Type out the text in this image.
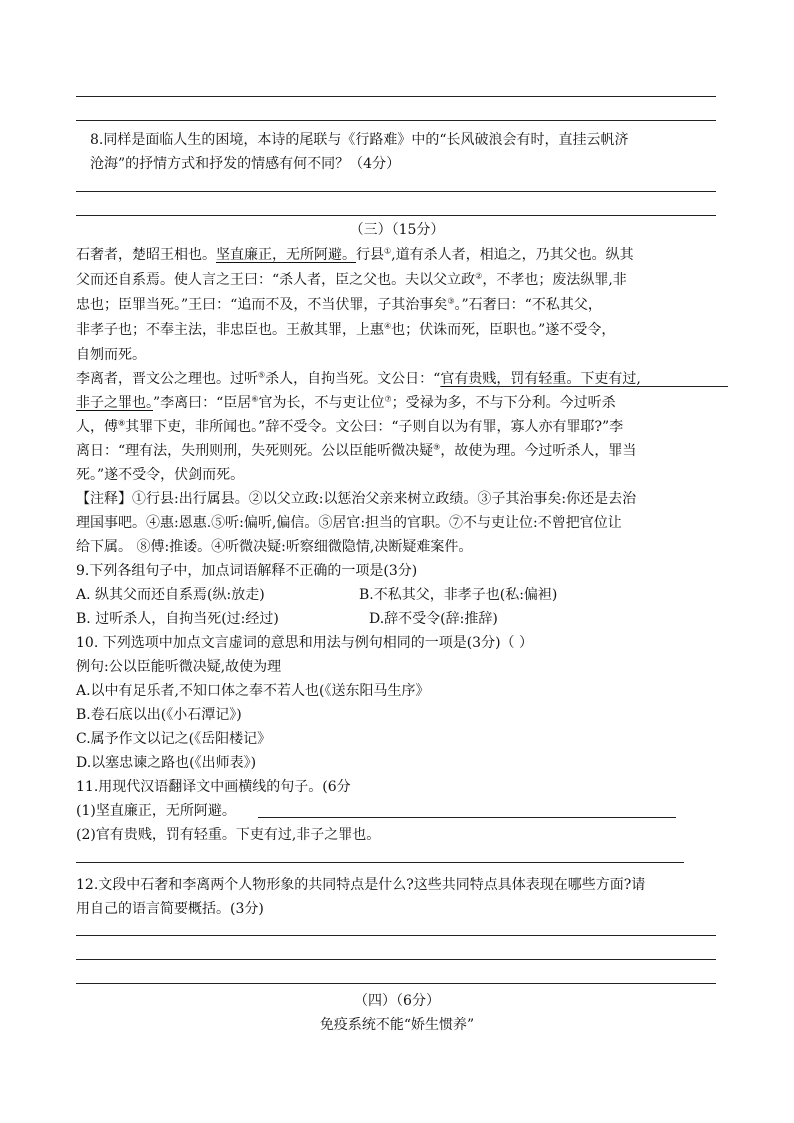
8.同样是面临人生的困境，本诗的尾联与《行路难》中的“长风破浪会有时，直挂云帆济
沧海”的抒情方式和抒发的情感有何不同？（4分）
（三）（15分）
石奢者，楚昭王相也。坚直廉正，无所阿避。行县①,道有杀人者，相追之，乃其父也。纵其
父而还自系焉。使人言之王曰：“杀人者，臣之父也。夫以父立政②，不孝也；废法纵罪,非
忠也；臣罪当死。”王曰：“追而不及，不当伏罪，子其治事矣③。”石奢曰：“不私其父，
非孝子也；不奉主法，非忠臣也。王赦其罪，上惠④也；伏诛而死，臣职也。”遂不受令，
自刎而死。
李离者，晋文公之理也。过听⑤杀人，自拘当死。文公日：“官有贵贱，罚有轻重。下吏有过,
非子之罪也。”李离曰：“臣居⑥官为长，不与吏让位⑦；受禄为多，不与下分利。今过听杀
人，傅⑧其罪下吏，非所闻也。”辞不受令。文公曰：“子则自以为有罪，寡人亦有罪耶?”李
离日：“理有法，失刑则刑，失死则死。公以臣能听微决疑⑨，故使为理。今过听杀人，罪当
死。”遂不受令，伏剑而死。
【注释】①行县:出行属县。②以父立政:以惩治父亲来树立政绩。③子其治事矣:你还是去治
理国事吧。④惠:恩惠.⑤听:偏听,偏信。⑤居官:担当的官职。⑦不与吏让位:不曾把官位让
给下属。 ⑧傅:推诿。④听微决疑:听察细微隐情,决断疑难案件。
9.下列各组句子中，加点词语解释不正确的一项是(3分)
A. 纵其父而还自系焉(纵:放走)	B.不私其父，非孝子也(私:偏袒)
B. 过听杀人，自拘当死(过:经过)	D.辞不受令(辞:推辞)
10. 下列选项中加点文言虚词的意思和用法与例句相同的一项是(3分)（ ）
例句:公以臣能听微决疑,故使为理
A.以中有足乐者,不知口体之奉不若人也(《送东阳马生序》
B.卷石底以出(《小石潭记》)
C.属予作文以记之(《岳阳楼记》
D.以塞忠谏之路也(《出师表》)
11.用现代汉语翻译文中画横线的句子。(6分
(1)坚直廉正，无所阿避。
(2)官有贵贱，罚有轻重。下吏有过,非子之罪也。
12.文段中石奢和李离两个人物形象的共同特点是什么?这些共同特点具体表现在哪些方面?请
用自己的语言简要概括。(3分)
（四）（6分）
免疫系统不能“娇生惯养”
